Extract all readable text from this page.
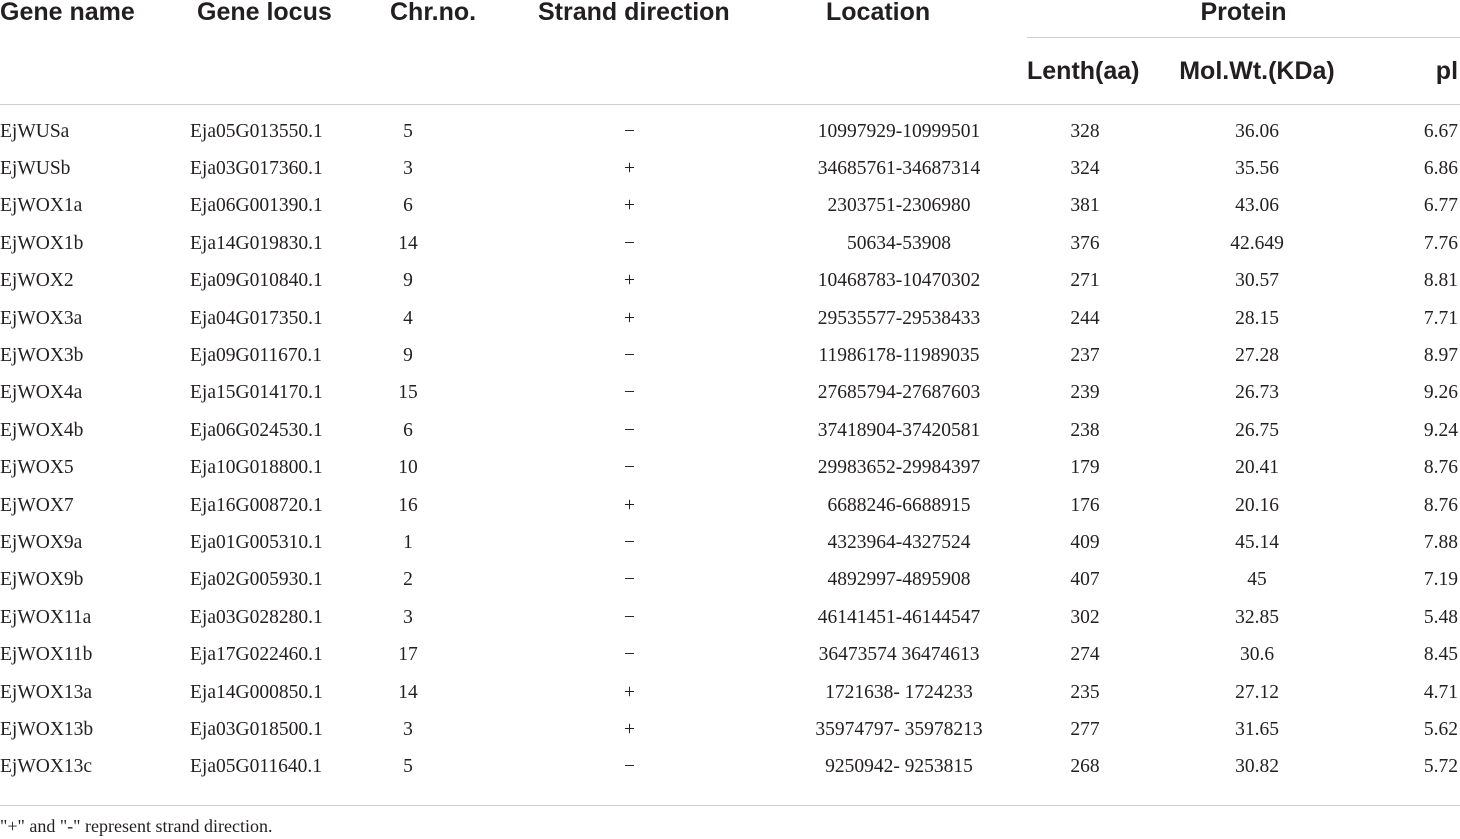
Gene name	Gene locus	Chr.no.	Strand direction	Location	Protein		
					Lenth(aa)	Mol.Wt.(KDa)	pl
EjWUSa	Eja05G013550.1	5	−	10997929-10999501	328	36.06	6.67
EjWUSb	Eja03G017360.1	3	+	34685761-34687314	324	35.56	6.86
EjWOX1a	Eja06G001390.1	6	+	2303751-2306980	381	43.06	6.77
EjWOX1b	Eja14G019830.1	14	−	50634-53908	376	42.649	7.76
EjWOX2	Eja09G010840.1	9	+	10468783-10470302	271	30.57	8.81
EjWOX3a	Eja04G017350.1	4	+	29535577-29538433	244	28.15	7.71
EjWOX3b	Eja09G011670.1	9	−	11986178-11989035	237	27.28	8.97
EjWOX4a	Eja15G014170.1	15	−	27685794-27687603	239	26.73	9.26
EjWOX4b	Eja06G024530.1	6	−	37418904-37420581	238	26.75	9.24
EjWOX5	Eja10G018800.1	10	−	29983652-29984397	179	20.41	8.76
EjWOX7	Eja16G008720.1	16	+	6688246-6688915	176	20.16	8.76
EjWOX9a	Eja01G005310.1	1	−	4323964-4327524	409	45.14	7.88
EjWOX9b	Eja02G005930.1	2	−	4892997-4895908	407	45	7.19
EjWOX11a	Eja03G028280.1	3	−	46141451-46144547	302	32.85	5.48
EjWOX11b	Eja17G022460.1	17	−	36473574 36474613	274	30.6	8.45
EjWOX13a	Eja14G000850.1	14	+	1721638- 1724233	235	27.12	4.71
EjWOX13b	Eja03G018500.1	3	+	35974797- 35978213	277	31.65	5.62
EjWOX13c	Eja05G011640.1	5	−	9250942- 9253815	268	30.82	5.72
"+" and "-" represent strand direction.
